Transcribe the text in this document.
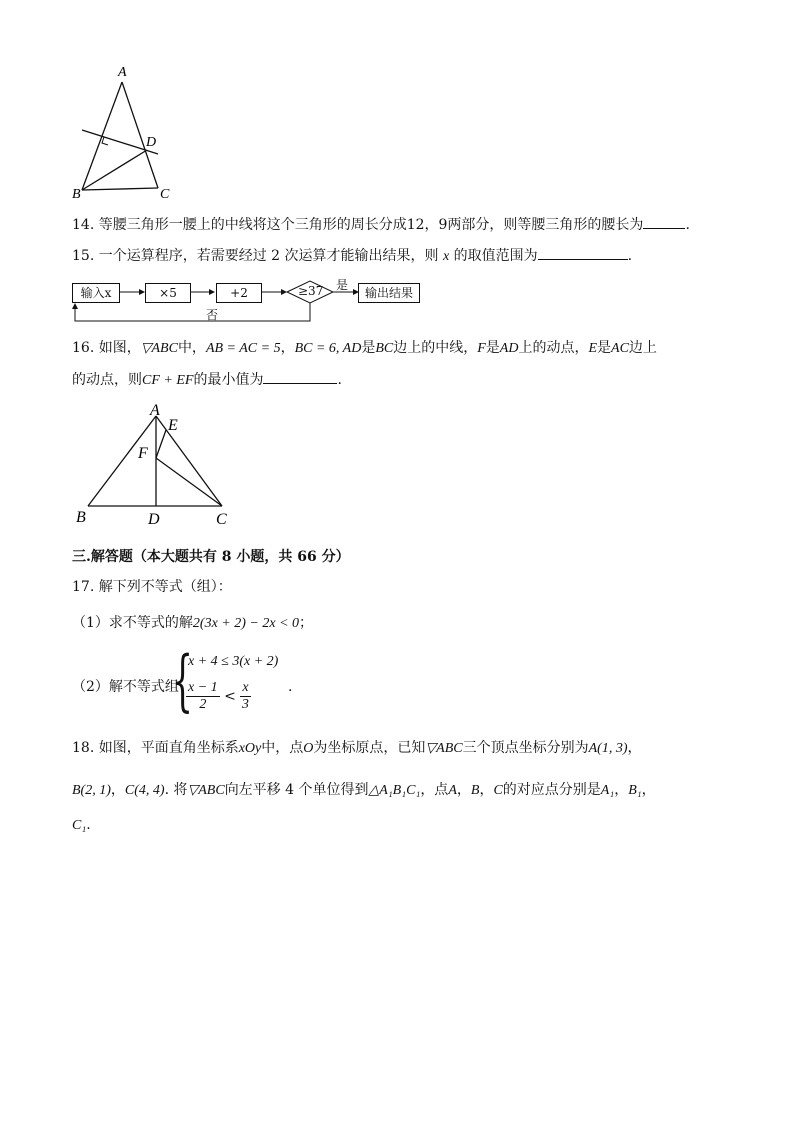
A
D
B	C
14. 等腰三角形一腰上的中线将这个三角形的周长分成12，9两部分，则等腰三角形的腰长为	.
15. 一个运算程序，若需要经过 2 次运算才能输出结果，则 x 的取值范围为	.
输入x	×5	+2	≥37 是
输出结果
否
16. 如图，▽ABC中，AB = AC = 5，BC = 6, AD是BC边上的中线，F是AD上的动点，E是AC边上
的动点，则CF + EF的最小值为	.
A
E
F
B	D	C
三.解答题（本大题共有 8 小题，共 66 分）
17. 解下列不等式（组）：
（1）求不等式的解2(3x + 2) − 2x < 0；
（2）解不等式组
{
x + 4 ≤ 3(x + 2)
$\frac{x - 1}{2} < \frac{x}{3}$	.
18. 如图，平面直角坐标系xOy中，点O为坐标原点，已知▽ABC三个顶点坐标分别为A(1, 3)，
B(2, 1)，C(4, 4). 将▽ABC向左平移 4 个单位得到△A₁B₁C₁，点A，B，C的对应点分别是A₁，B₁，
C₁.
